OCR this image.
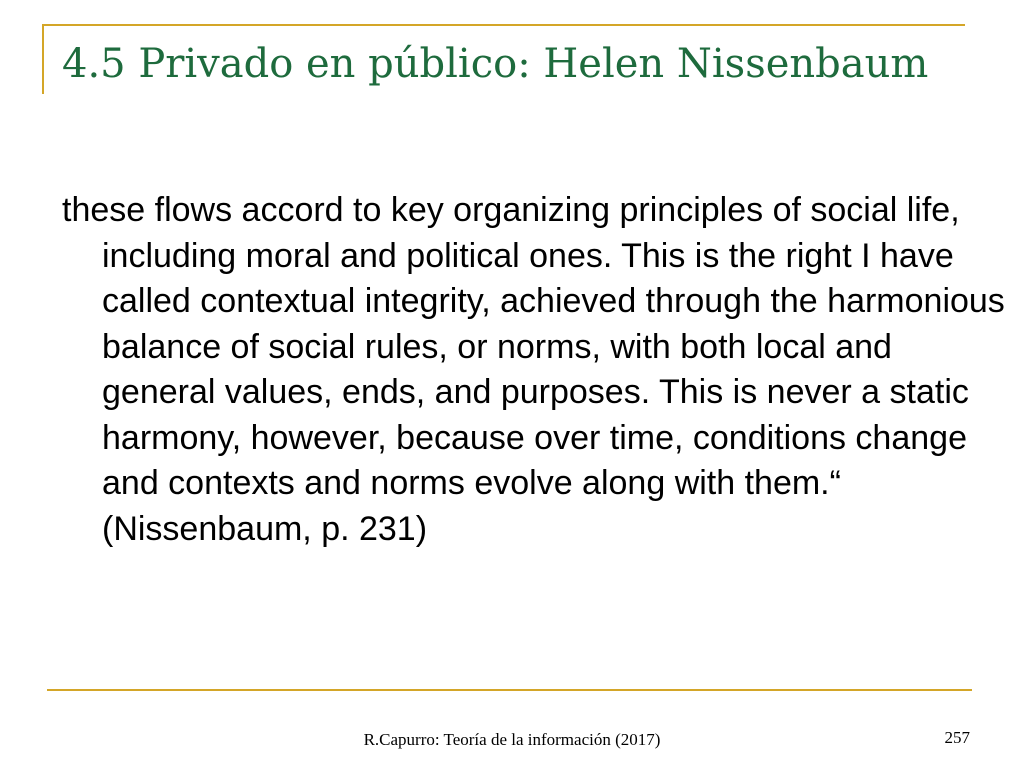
4.5 Privado en público: Helen Nissenbaum

these flows accord to key organizing principles of social life, including moral and political ones. This is the right I have called contextual integrity, achieved through the harmonious balance of social rules, or norms, with both local and general values, ends, and purposes. This is never a static harmony, however, because over time, conditions change and contexts and norms evolve along with them.“ (Nissenbaum, p. 231)

R.Capurro: Teoría de la información (2017)	257
